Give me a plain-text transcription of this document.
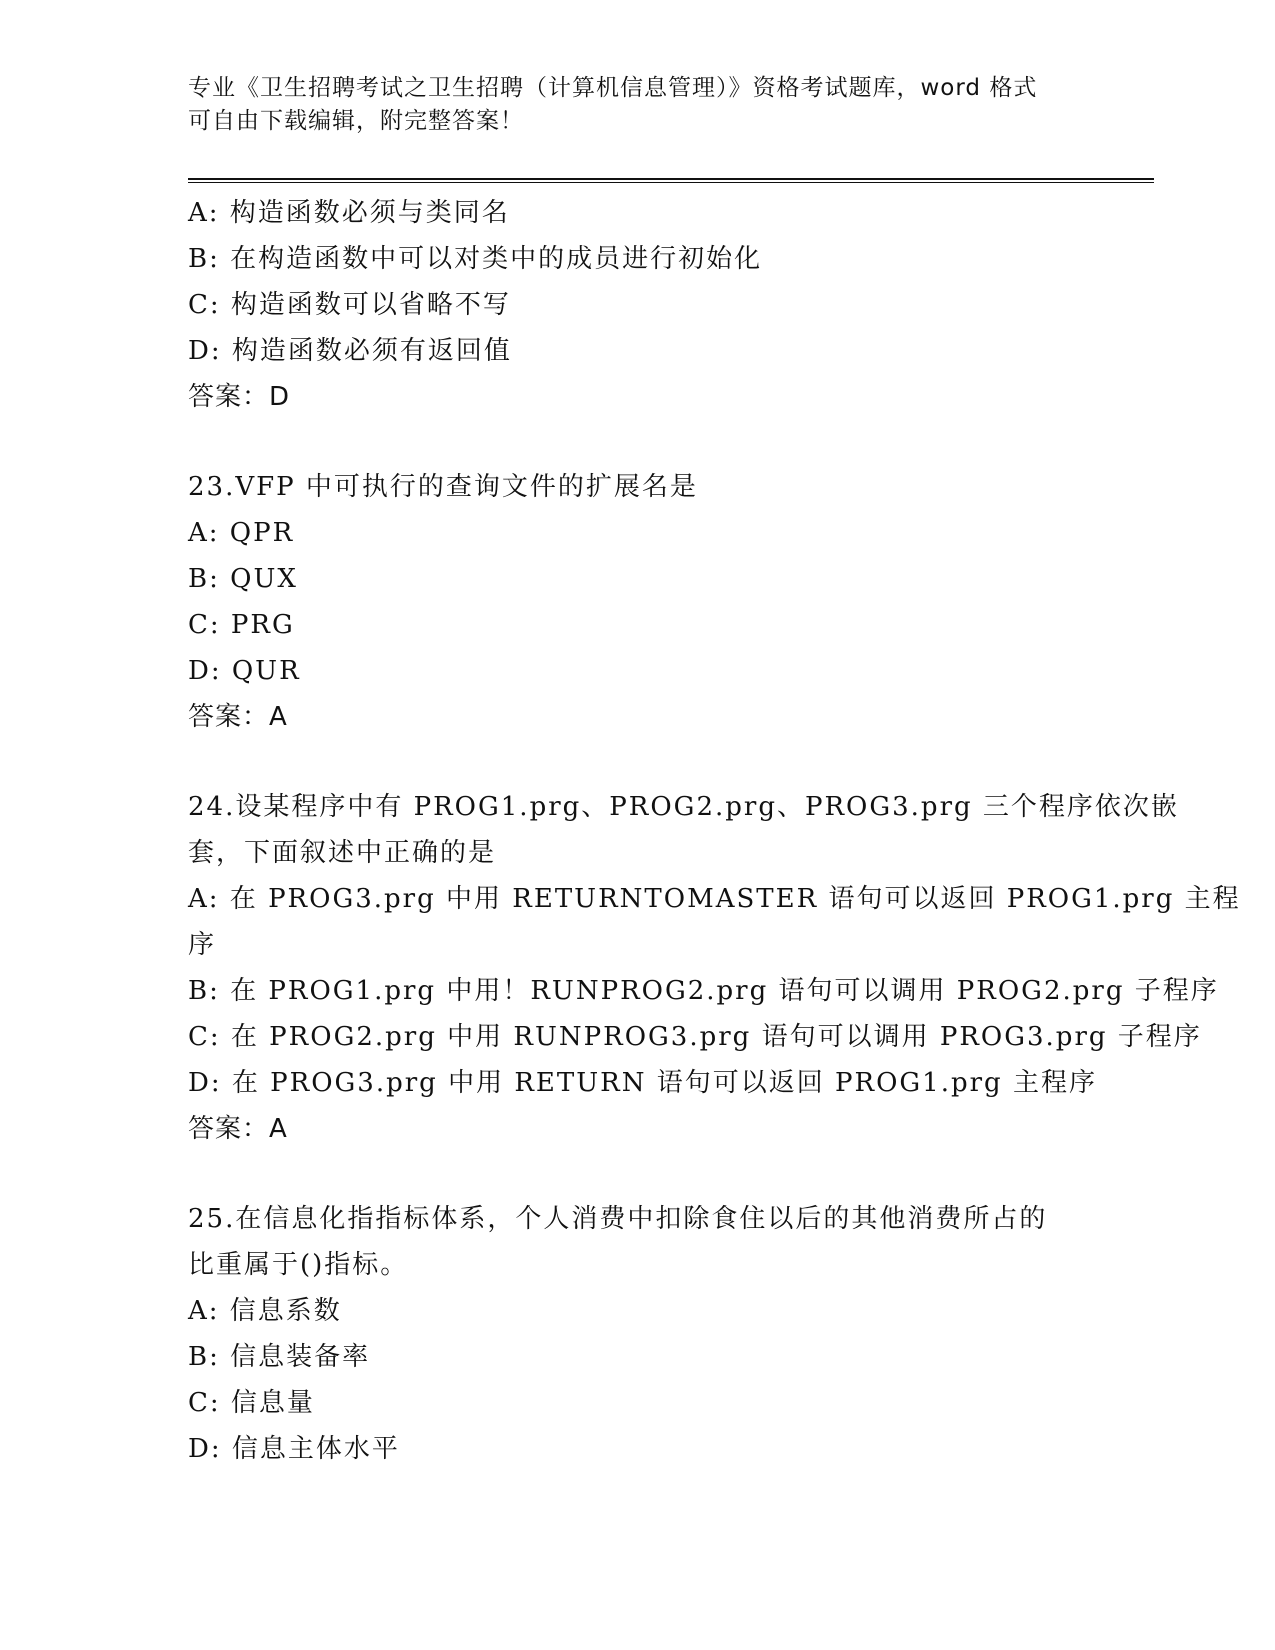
专业《卫生招聘考试之卫生招聘（计算机信息管理）》资格考试题库，word 格式
可自由下载编辑，附完整答案！
A: 构造函数必须与类同名
B: 在构造函数中可以对类中的成员进行初始化
C: 构造函数可以省略不写
D: 构造函数必须有返回值
答案：D
23.VFP 中可执行的查询文件的扩展名是
A: QPR
B: QUX
C: PRG
D: QUR
答案：A
24.设某程序中有 PROG1.prg、PROG2.prg、PROG3.prg 三个程序依次嵌
套，下面叙述中正确的是
A: 在 PROG3.prg 中用 RETURNTOMASTER 语句可以返回 PROG1.prg 主程
序
B: 在 PROG1.prg 中用！RUNPROG2.prg 语句可以调用 PROG2.prg 子程序
C: 在 PROG2.prg 中用 RUNPROG3.prg 语句可以调用 PROG3.prg 子程序
D: 在 PROG3.prg 中用 RETURN 语句可以返回 PROG1.prg 主程序
答案：A
25.在信息化指指标体系，个人消费中扣除食住以后的其他消费所占的
比重属于()指标。
A: 信息系数
B: 信息装备率
C: 信息量
D: 信息主体水平
